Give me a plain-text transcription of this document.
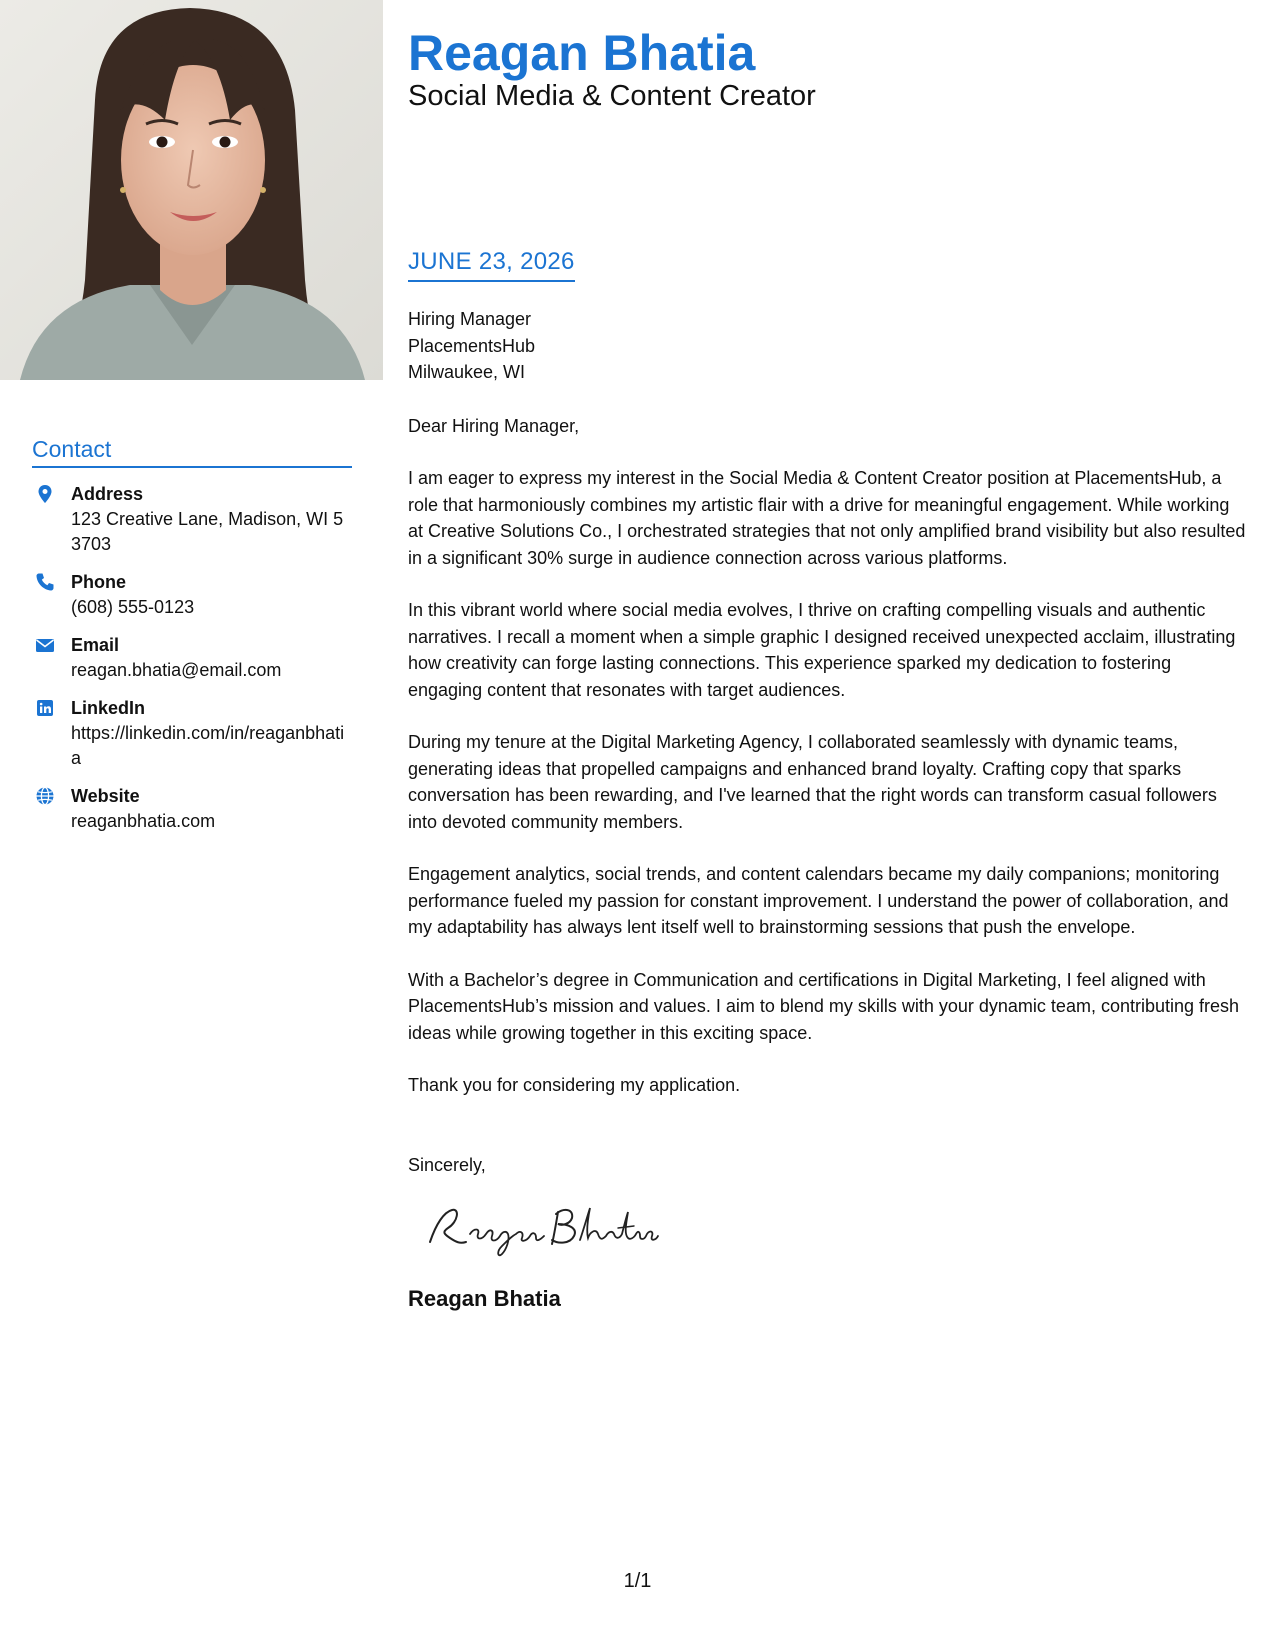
Contact
Address
123 Creative Lane, Madison, WI 53703
Phone
(608) 555-0123
Email
reagan.bhatia@email.com
LinkedIn
https://linkedin.com/in/reaganbhatia
Website
reaganbhatia.com
Reagan Bhatia
Social Media & Content Creator
JUNE 23, 2026
Hiring Manager
PlacementsHub
Milwaukee, WI
Dear Hiring Manager,
I am eager to express my interest in the Social Media & Content Creator position at PlacementsHub, a role that harmoniously combines my artistic flair with a drive for meaningful engagement. While working at Creative Solutions Co., I orchestrated strategies that not only amplified brand visibility but also resulted in a significant 30% surge in audience connection across various platforms.
In this vibrant world where social media evolves, I thrive on crafting compelling visuals and authentic narratives. I recall a moment when a simple graphic I designed received unexpected acclaim, illustrating how creativity can forge lasting connections. This experience sparked my dedication to fostering engaging content that resonates with target audiences.
During my tenure at the Digital Marketing Agency, I collaborated seamlessly with dynamic teams, generating ideas that propelled campaigns and enhanced brand loyalty. Crafting copy that sparks conversation has been rewarding, and I've learned that the right words can transform casual followers into devoted community members.
Engagement analytics, social trends, and content calendars became my daily companions; monitoring performance fueled my passion for constant improvement. I understand the power of collaboration, and my adaptability has always lent itself well to brainstorming sessions that push the envelope.
With a Bachelor’s degree in Communication and certifications in Digital Marketing, I feel aligned with PlacementsHub’s mission and values. I aim to blend my skills with your dynamic team, contributing fresh ideas while growing together in this exciting space.
Thank you for considering my application.
Sincerely,
Reagan Bhatia
1/1
